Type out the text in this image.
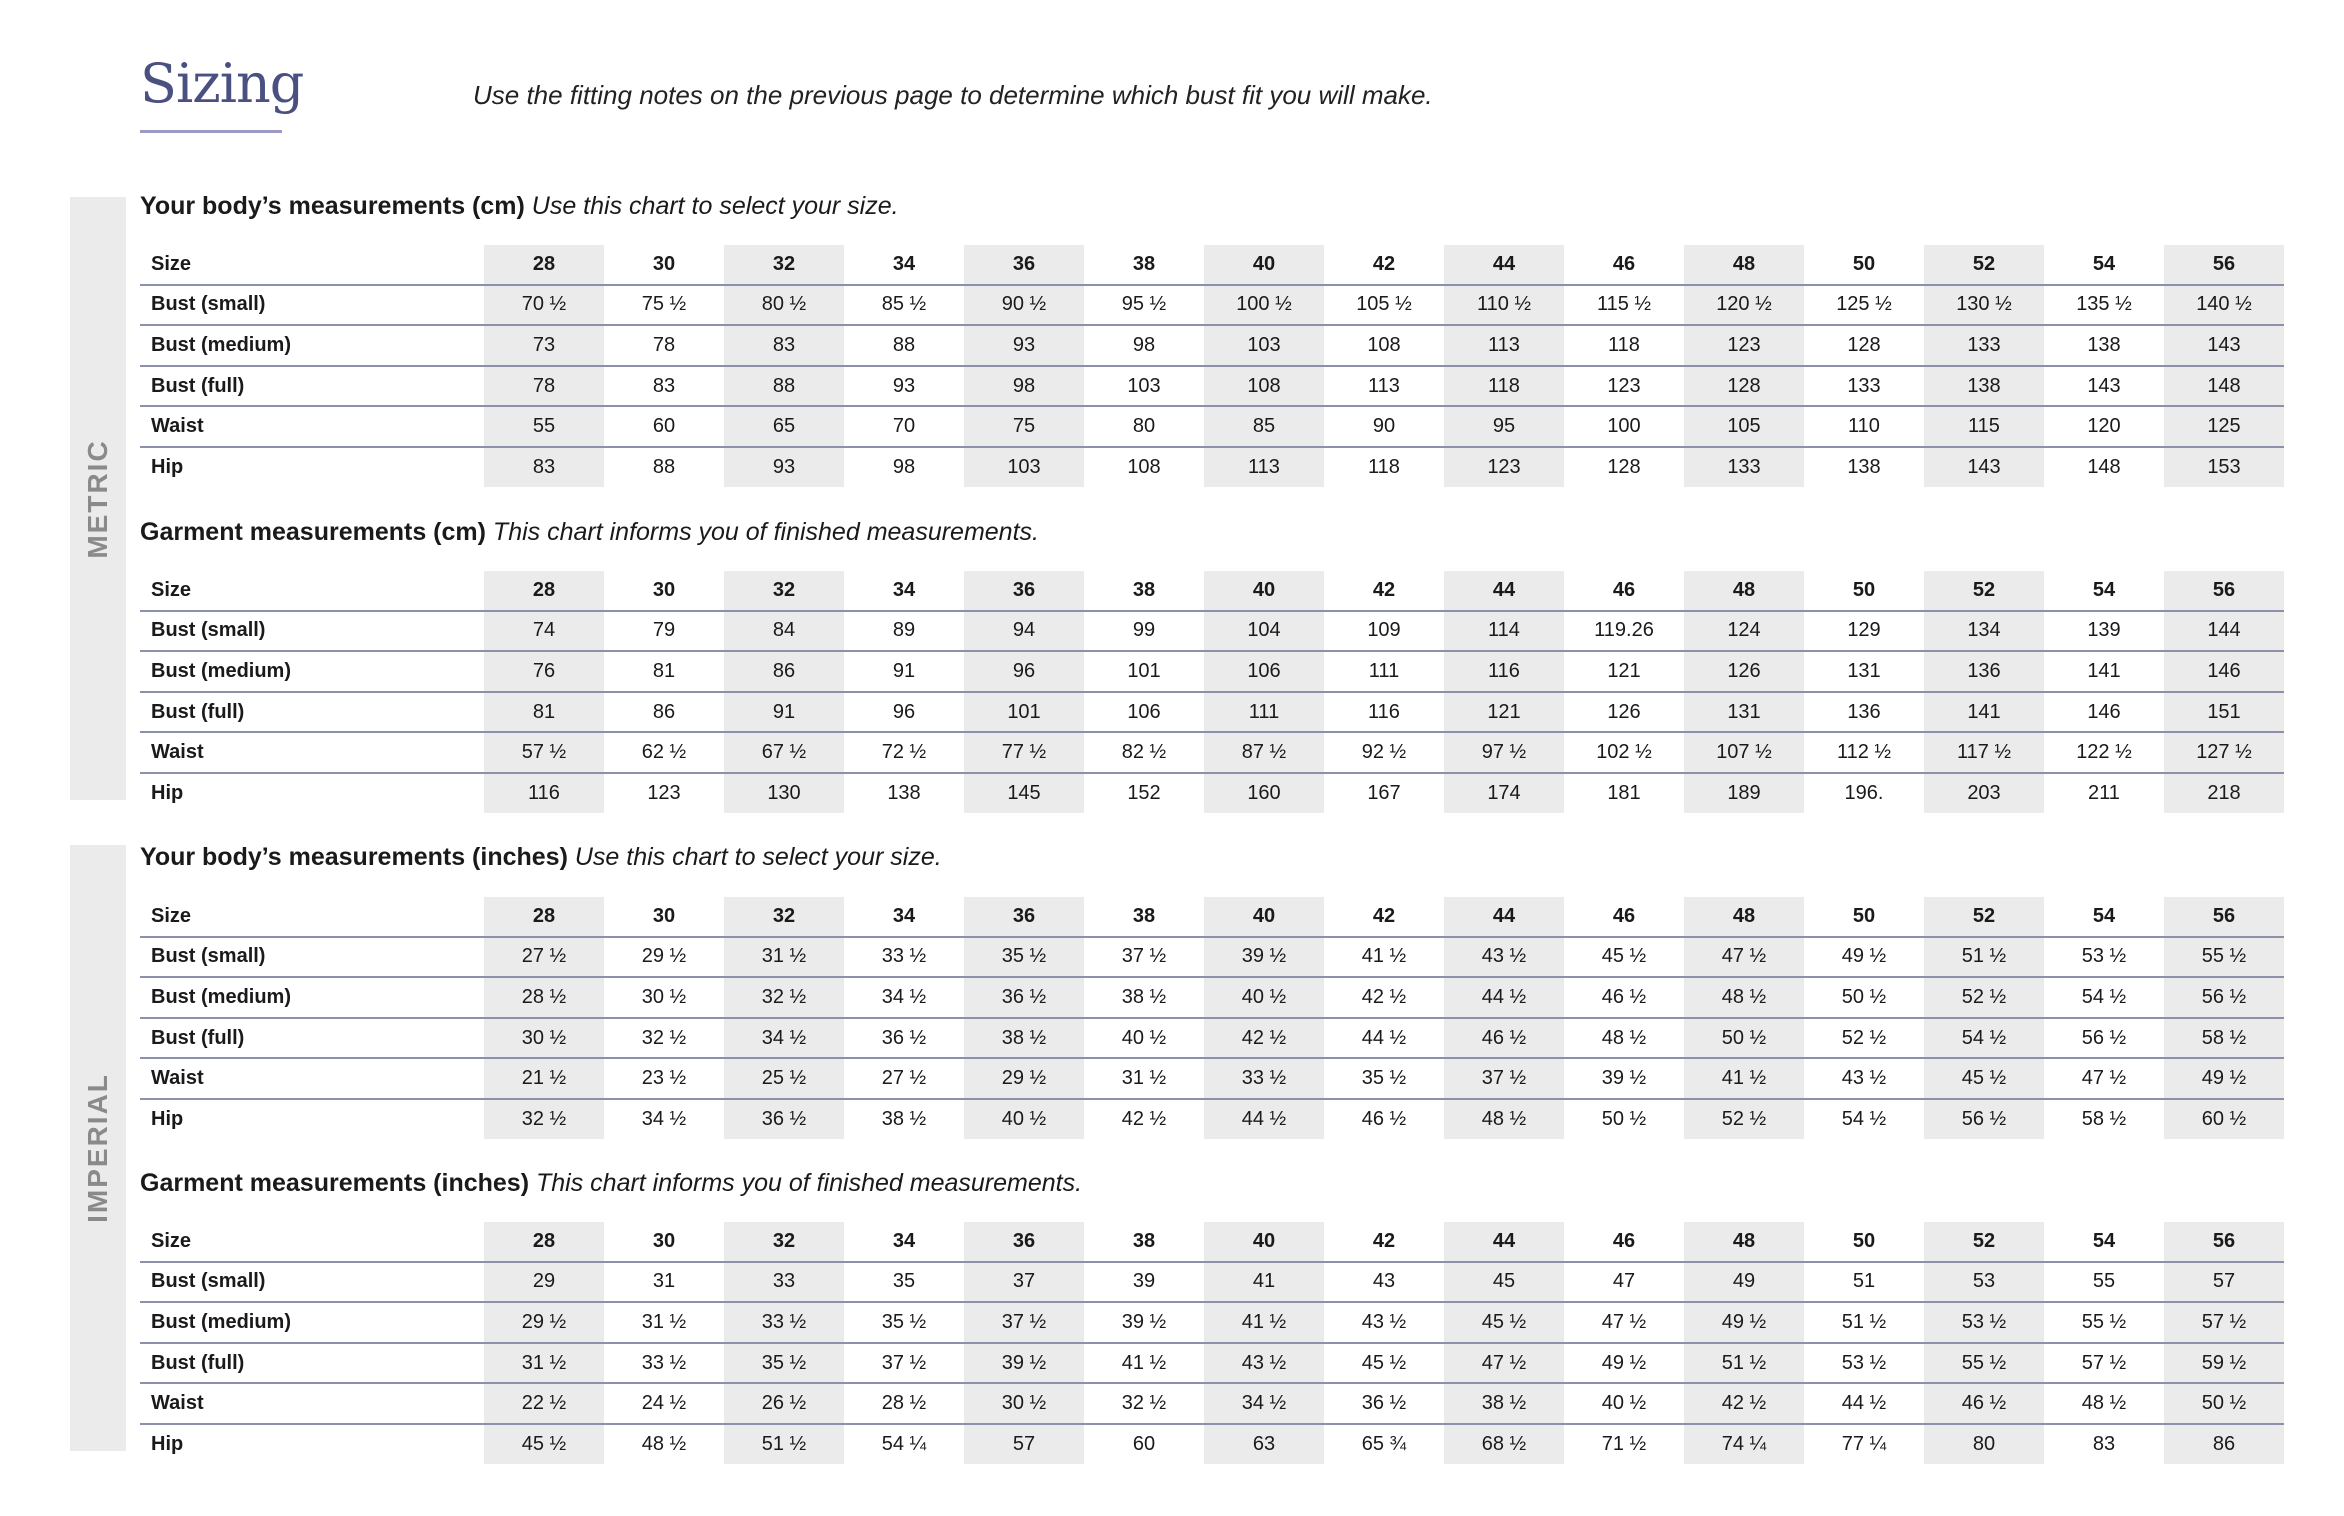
Sizing	Use the fitting notes on the previous page to determine which bust fit you will make.
METRIC
IMPERIAL
Your body’s measurements (cm) Use this chart to select your size.
Size	28	30	32	34	36	38	40	42	44	46	48	50	52	54	56
Bust (small)	70 ½	75 ½	80 ½	85 ½	90 ½	95 ½	100 ½	105 ½	110 ½	115 ½	120 ½	125 ½	130 ½	135 ½	140 ½
Bust (medium)	73	78	83	88	93	98	103	108	113	118	123	128	133	138	143
Bust (full)	78	83	88	93	98	103	108	113	118	123	128	133	138	143	148
Waist	55	60	65	70	75	80	85	90	95	100	105	110	115	120	125
Hip	83	88	93	98	103	108	113	118	123	128	133	138	143	148	153
Garment measurements (cm) This chart informs you of finished measurements.
Size	28	30	32	34	36	38	40	42	44	46	48	50	52	54	56
Bust (small)	74	79	84	89	94	99	104	109	114	119.26	124	129	134	139	144
Bust (medium)	76	81	86	91	96	101	106	111	116	121	126	131	136	141	146
Bust (full)	81	86	91	96	101	106	111	116	121	126	131	136	141	146	151
Waist	57 ½	62 ½	67 ½	72 ½	77 ½	82 ½	87 ½	92 ½	97 ½	102 ½	107 ½	112 ½	117 ½	122 ½	127 ½
Hip	116	123	130	138	145	152	160	167	174	181	189	196.	203	211	218
Your body’s measurements (inches) Use this chart to select your size.
Size	28	30	32	34	36	38	40	42	44	46	48	50	52	54	56
Bust (small)	27 ½	29 ½	31 ½	33 ½	35 ½	37 ½	39 ½	41 ½	43 ½	45 ½	47 ½	49 ½	51 ½	53 ½	55 ½
Bust (medium)	28 ½	30 ½	32 ½	34 ½	36 ½	38 ½	40 ½	42 ½	44 ½	46 ½	48 ½	50 ½	52 ½	54 ½	56 ½
Bust (full)	30 ½	32 ½	34 ½	36 ½	38 ½	40 ½	42 ½	44 ½	46 ½	48 ½	50 ½	52 ½	54 ½	56 ½	58 ½
Waist	21 ½	23 ½	25 ½	27 ½	29 ½	31 ½	33 ½	35 ½	37 ½	39 ½	41 ½	43 ½	45 ½	47 ½	49 ½
Hip	32 ½	34 ½	36 ½	38 ½	40 ½	42 ½	44 ½	46 ½	48 ½	50 ½	52 ½	54 ½	56 ½	58 ½	60 ½
Garment measurements (inches) This chart informs you of finished measurements.
Size	28	30	32	34	36	38	40	42	44	46	48	50	52	54	56
Bust (small)	29	31	33	35	37	39	41	43	45	47	49	51	53	55	57
Bust (medium)	29 ½	31 ½	33 ½	35 ½	37 ½	39 ½	41 ½	43 ½	45 ½	47 ½	49 ½	51 ½	53 ½	55 ½	57 ½
Bust (full)	31 ½	33 ½	35 ½	37 ½	39 ½	41 ½	43 ½	45 ½	47 ½	49 ½	51 ½	53 ½	55 ½	57 ½	59 ½
Waist	22 ½	24 ½	26 ½	28 ½	30 ½	32 ½	34 ½	36 ½	38 ½	40 ½	42 ½	44 ½	46 ½	48 ½	50 ½
Hip	45 ½	48 ½	51 ½	54 ¼	57	60	63	65 ¾	68 ½	71 ½	74 ¼	77 ¼	80	83	86
